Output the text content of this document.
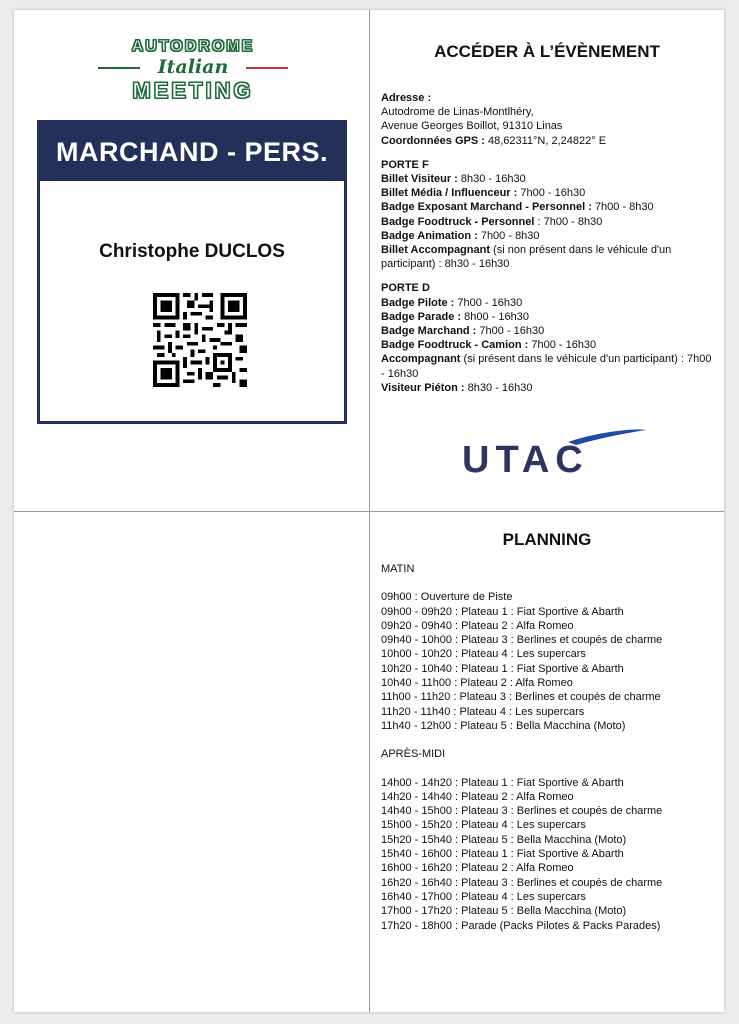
AUTODROME
Italian
MEETING
MARCHAND - PERS.
Christophe DUCLOS
ACCÉDER À L’ÉVÈNEMENT

Adresse :

Autodrome de Linas-Montlhéry,

Avenue Georges Boillot, 91310 Linas

Coordonnées GPS : 48,62311°N, 2,24822° E

PORTE F

Billet Visiteur : 8h30 - 16h30

Billet Média / Influenceur : 7h00 - 16h30

Badge Exposant Marchand - Personnel : 7h00 - 8h30

Badge Foodtruck - Personnel : 7h00 - 8h30

Badge Animation : 7h00 - 8h30

Billet Accompagnant (si non présent dans le véhicule d'un participant) : 8h30 - 16h30

PORTE D

Badge Pilote : 7h00 - 16h30

Badge Parade : 8h00 - 16h30

Badge Marchand : 7h00 - 16h30

Badge Foodtruck - Camion : 7h00 - 16h30

Accompagnant (si présent dans le véhicule d'un participant) : 7h00 - 16h30

Visiteur Piéton : 8h30 - 16h30

UTAC
PLANNING

MATIN

09h00 : Ouverture de Piste

09h00 - 09h20 : Plateau 1 : Fiat Sportive & Abarth

09h20 - 09h40 : Plateau 2 : Alfa Romeo

09h40 - 10h00 : Plateau 3 : Berlines et coupés de charme

10h00 - 10h20 : Plateau 4 : Les supercars

10h20 - 10h40 : Plateau 1 : Fiat Sportive & Abarth

10h40 - 11h00 : Plateau 2 : Alfa Romeo

11h00 - 11h20 : Plateau 3 : Berlines et coupés de charme

11h20 - 11h40 : Plateau 4 : Les supercars

11h40 - 12h00 : Plateau 5 : Bella Macchina (Moto)

APRÈS-MIDI

14h00 - 14h20 : Plateau 1 : Fiat Sportive & Abarth

14h20 - 14h40 : Plateau 2 : Alfa Romeo

14h40 - 15h00 : Plateau 3 : Berlines et coupés de charme

15h00 - 15h20 : Plateau 4 : Les supercars

15h20 - 15h40 : Plateau 5 : Bella Macchina (Moto)

15h40 - 16h00 : Plateau 1 : Fiat Sportive & Abarth

16h00 - 16h20 : Plateau 2 : Alfa Romeo

16h20 - 16h40 : Plateau 3 : Berlines et coupés de charme

16h40 - 17h00 : Plateau 4 : Les supercars

17h00 - 17h20 : Plateau 5 : Bella Macchina (Moto)

17h20 - 18h00 : Parade (Packs Pilotes & Packs Parades)
